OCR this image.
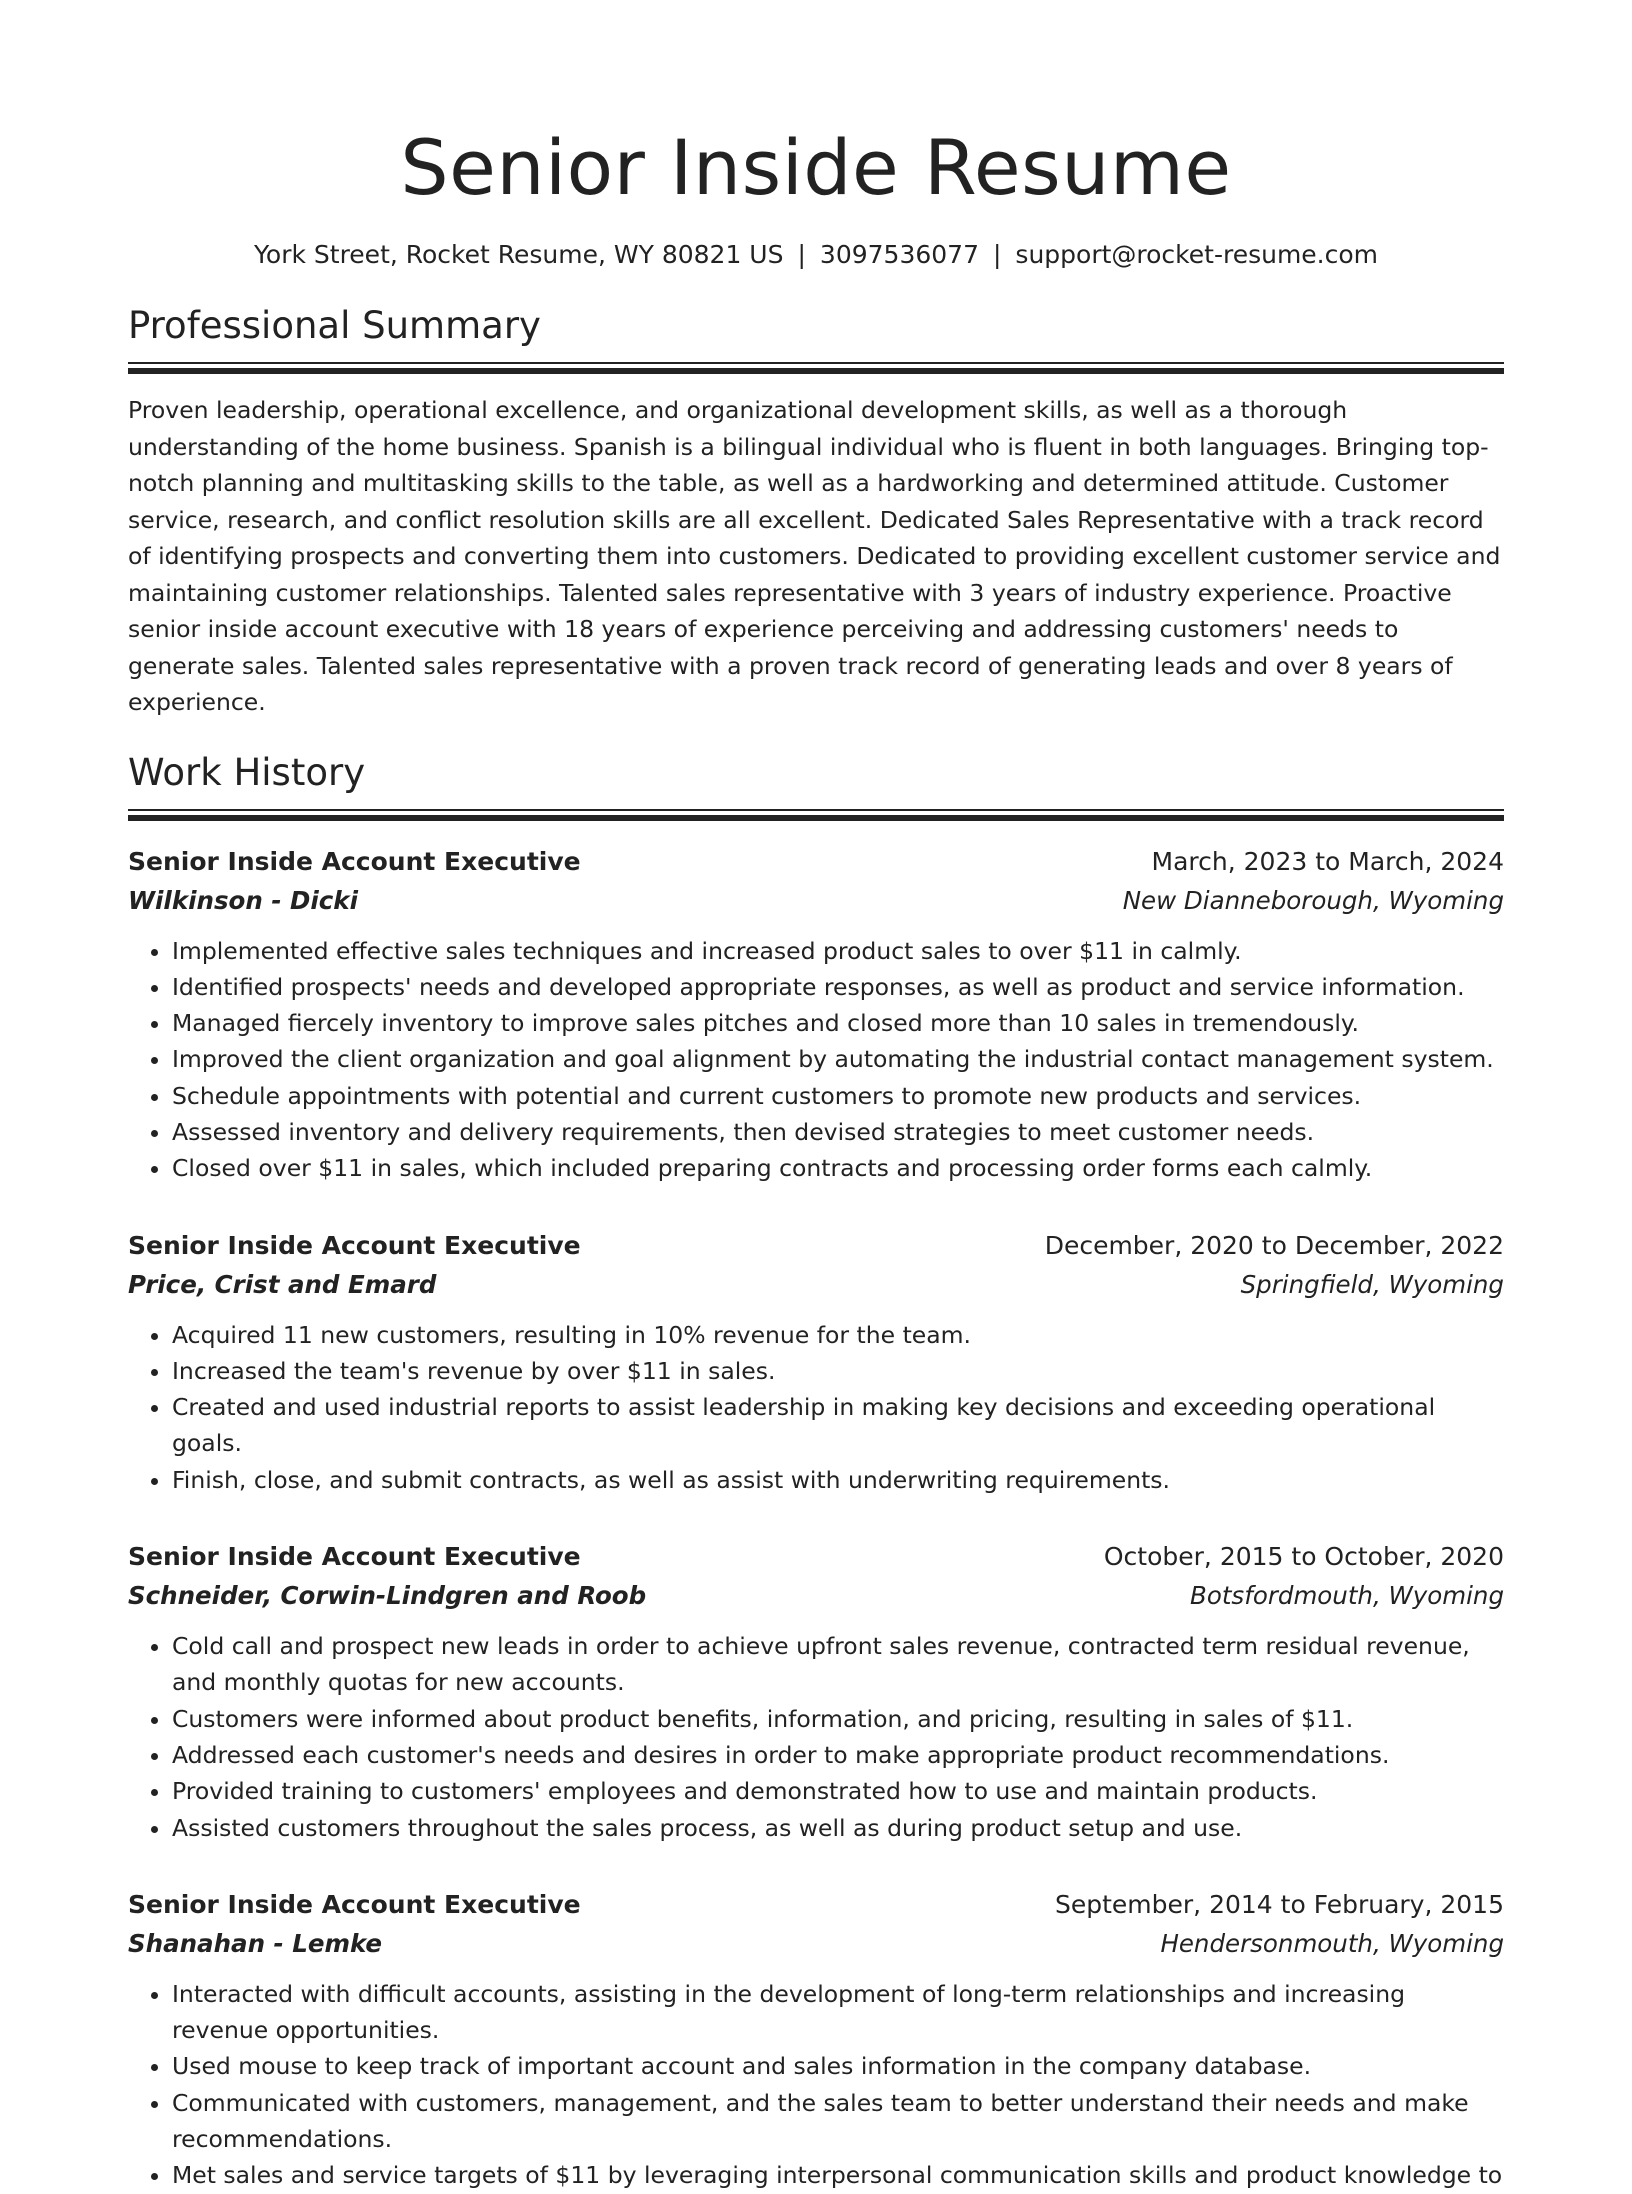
Senior Inside Resume
York Street, Rocket Resume, WY 80821 US | 3097536077 | support@rocket-resume.com
Professional Summary

Proven leadership, operational excellence, and organizational development skills, as well as a thorough understanding of the home business. Spanish is a bilingual individual who is fluent in both languages. Bringing top-notch planning and multitasking skills to the table, as well as a hardworking and determined attitude. Customer service, research, and conflict resolution skills are all excellent. Dedicated Sales Representative with a track record of identifying prospects and converting them into customers. Dedicated to providing excellent customer service and maintaining customer relationships. Talented sales representative with 3 years of industry experience. Proactive senior inside account executive with 18 years of experience perceiving and addressing customers' needs to generate sales. Talented sales representative with a proven track record of generating leads and over 8 years of experience.

Work History
Senior Inside Account Executive	March, 2023 to March, 2024
Wilkinson - Dicki	New Dianneborough, Wyoming
• Implemented effective sales techniques and increased product sales to over $11 in calmly.
• Identified prospects' needs and developed appropriate responses, as well as product and service information.
• Managed fiercely inventory to improve sales pitches and closed more than 10 sales in tremendously.
• Improved the client organization and goal alignment by automating the industrial contact management system.
• Schedule appointments with potential and current customers to promote new products and services.
• Assessed inventory and delivery requirements, then devised strategies to meet customer needs.
• Closed over $11 in sales, which included preparing contracts and processing order forms each calmly.
Senior Inside Account Executive	December, 2020 to December, 2022
Price, Crist and Emard	Springfield, Wyoming
• Acquired 11 new customers, resulting in 10% revenue for the team.
• Increased the team's revenue by over $11 in sales.
• Created and used industrial reports to assist leadership in making key decisions and exceeding operational goals.
• Finish, close, and submit contracts, as well as assist with underwriting requirements.
Senior Inside Account Executive	October, 2015 to October, 2020
Schneider, Corwin-Lindgren and Roob	Botsfordmouth, Wyoming
• Cold call and prospect new leads in order to achieve upfront sales revenue, contracted term residual revenue, and monthly quotas for new accounts.
• Customers were informed about product benefits, information, and pricing, resulting in sales of $11.
• Addressed each customer's needs and desires in order to make appropriate product recommendations.
• Provided training to customers' employees and demonstrated how to use and maintain products.
• Assisted customers throughout the sales process, as well as during product setup and use.
Senior Inside Account Executive	September, 2014 to February, 2015
Shanahan - Lemke	Hendersonmouth, Wyoming
• Interacted with difficult accounts, assisting in the development of long-term relationships and increasing revenue opportunities.
• Used mouse to keep track of important account and sales information in the company database.
• Communicated with customers, management, and the sales team to better understand their needs and make recommendations.
• Met sales and service targets of $11 by leveraging interpersonal communication skills and product knowledge to
